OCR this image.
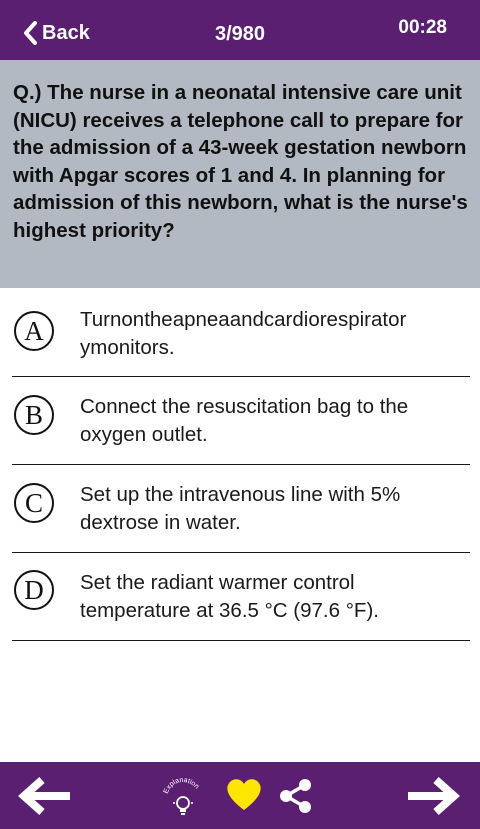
Back	3/980	00:28
Q.) The nurse in a neonatal intensive care unit (NICU) receives a telephone call to prepare for the admission of a 43-week gestation newborn with Apgar scores of 1 and 4. In planning for admission of this newborn, what is the nurse's highest priority?
A	Turnontheapneaandcardiorespirator ymonitors.
B	Connect the resuscitation bag to the oxygen outlet.
C	Set up the intravenous line with 5% dextrose in water.
D	Set the radiant warmer control temperature at 36.5 °C (97.6 °F).
Explanation
